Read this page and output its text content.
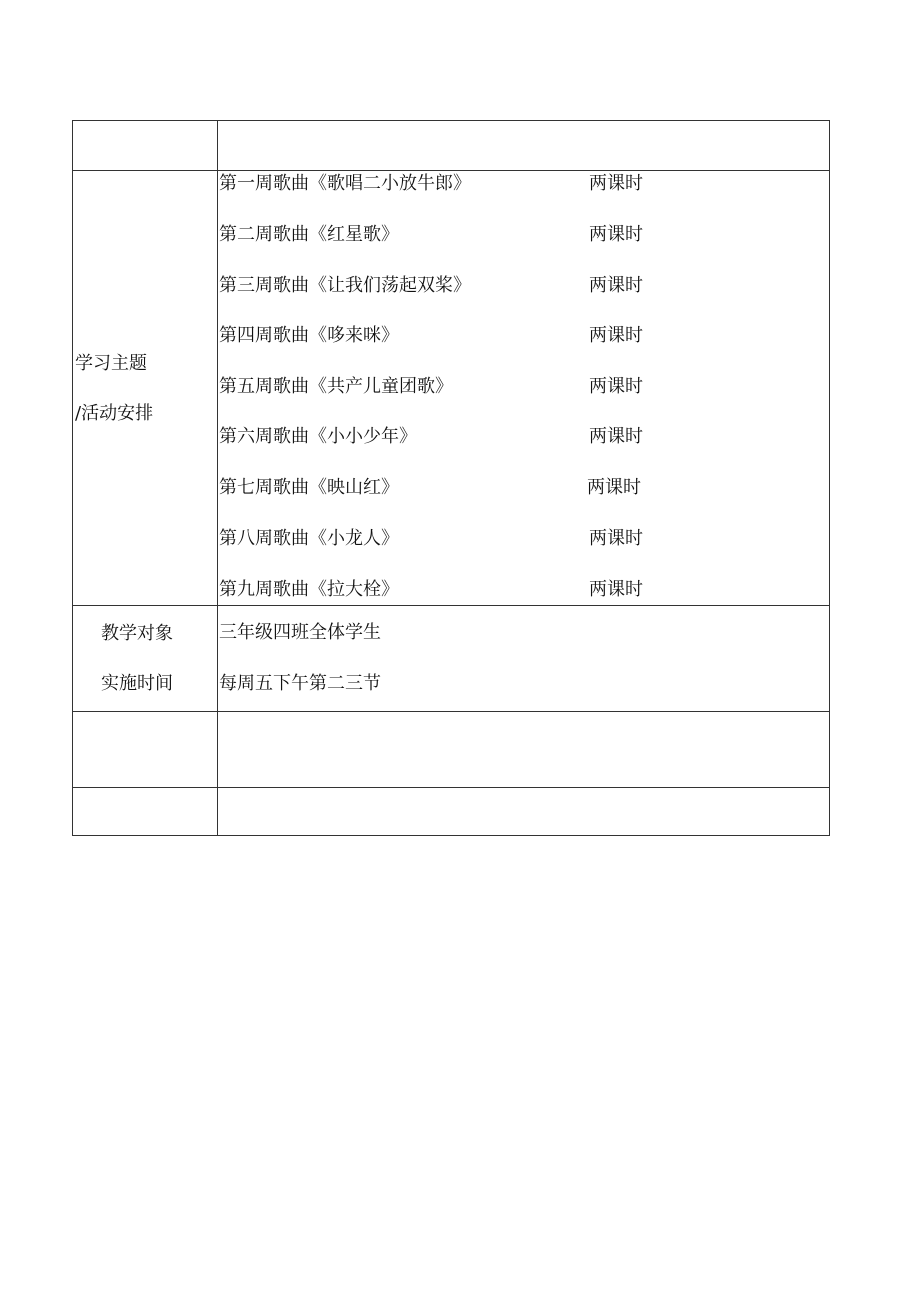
学习主题
/活动安排
第一周歌曲《歌唱二小放牛郎》	两课时
第二周歌曲《红星歌》	两课时
第三周歌曲《让我们荡起双桨》	两课时
第四周歌曲《哆来咪》	两课时
第五周歌曲《共产儿童团歌》	两课时
第六周歌曲《小小少年》	两课时
第七周歌曲《映山红》	两课时
第八周歌曲《小龙人》	两课时
第九周歌曲《拉大栓》	两课时
教学对象	三年级四班全体学生
实施时间	每周五下午第二三节
